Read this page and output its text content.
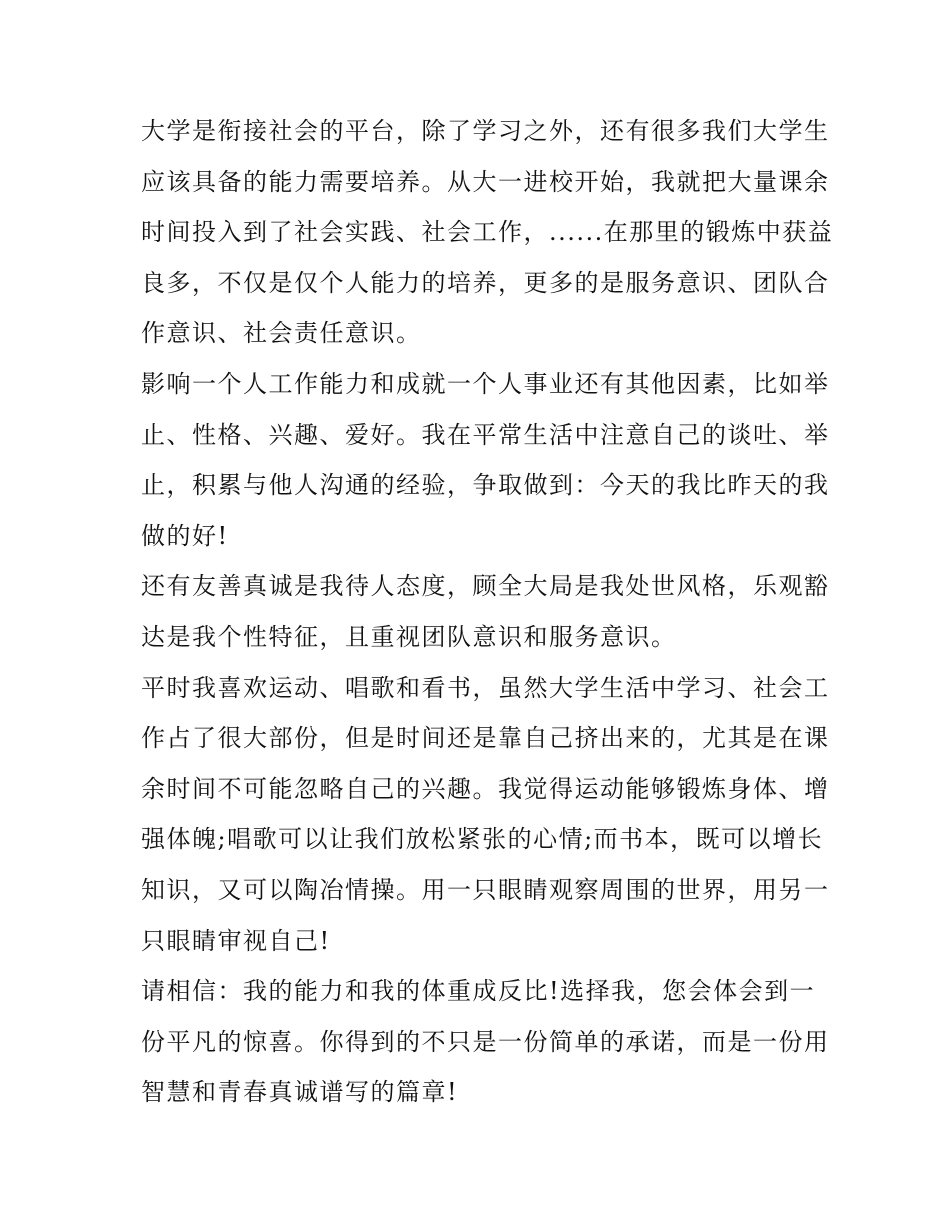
大学是衔接社会的平台，除了学习之外，还有很多我们大学生

应该具备的能力需要培养。从大一进校开始，我就把大量课余

时间投入到了社会实践、社会工作，......在那里的锻炼中获益

良多，不仅是仅个人能力的培养，更多的是服务意识、团队合

作意识、社会责任意识。

影响一个人工作能力和成就一个人事业还有其他因素，比如举

止、性格、兴趣、爱好。我在平常生活中注意自己的谈吐、举

止，积累与他人沟通的经验，争取做到：今天的我比昨天的我

做的好!

还有友善真诚是我待人态度，顾全大局是我处世风格，乐观豁

达是我个性特征，且重视团队意识和服务意识。

平时我喜欢运动、唱歌和看书，虽然大学生活中学习、社会工

作占了很大部份，但是时间还是靠自己挤出来的，尤其是在课

余时间不可能忽略自己的兴趣。我觉得运动能够锻炼身体、增

强体魄;唱歌可以让我们放松紧张的心情;而书本，既可以增长

知识，又可以陶冶情操。用一只眼睛观察周围的世界，用另一

只眼睛审视自己!

请相信：我的能力和我的体重成反比!选择我，您会体会到一

份平凡的惊喜。你得到的不只是一份简单的承诺，而是一份用

智慧和青春真诚谱写的篇章!
